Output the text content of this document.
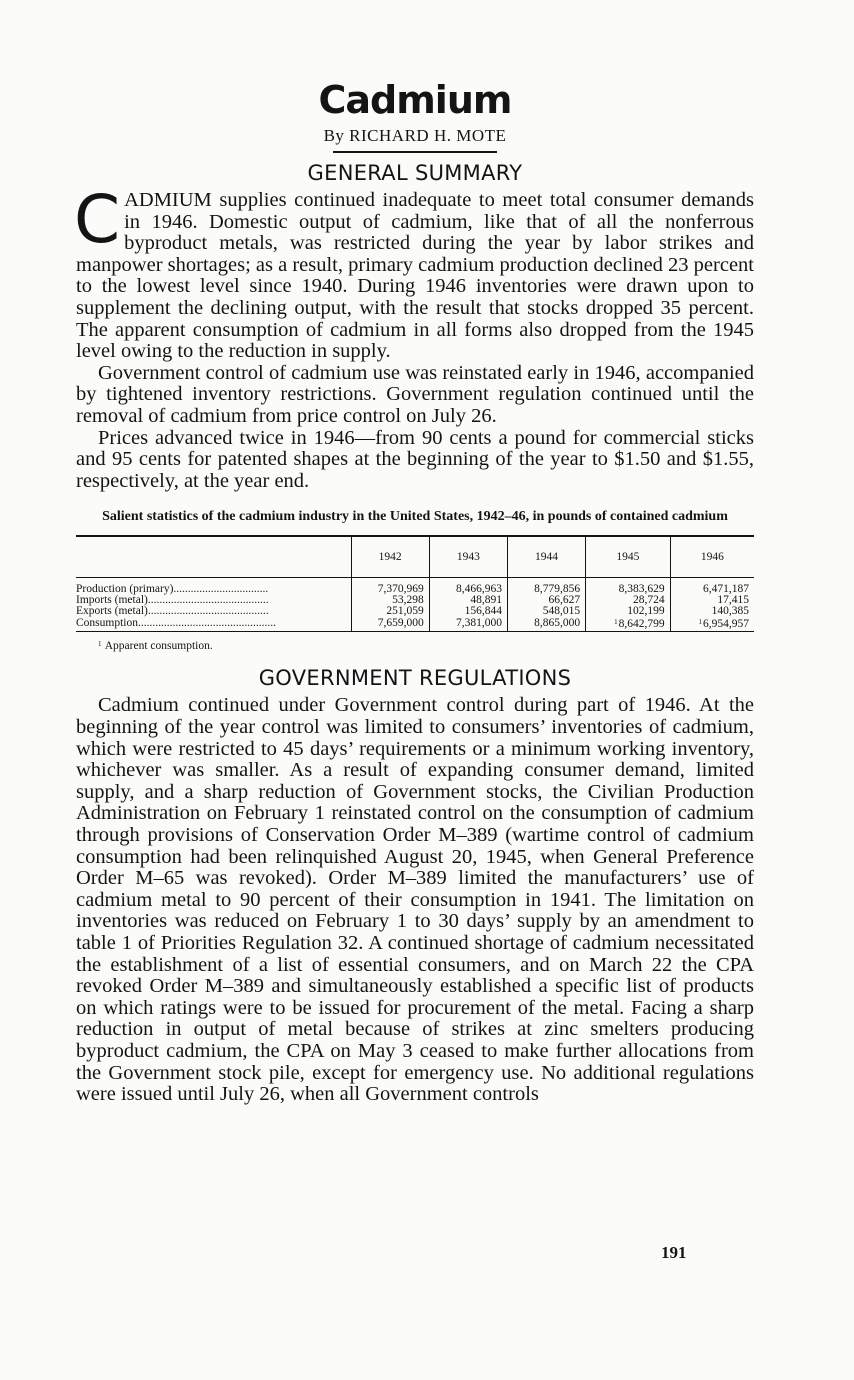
Cadmium
By RICHARD H. MOTE
GENERAL SUMMARY

CADMIUM supplies continued inadequate to meet total consumer demands in 1946. Domestic output of cadmium, like that of all the nonferrous byproduct metals, was restricted during the year by labor strikes and manpower shortages; as a result, primary cadmium production declined 23 percent to the lowest level since 1940. During 1946 inventories were drawn upon to supplement the declining output, with the result that stocks dropped 35 percent. The apparent consumption of cadmium in all forms also dropped from the 1945 level owing to the reduction in supply.

Government control of cadmium use was reinstated early in 1946, accompanied by tightened inventory restrictions. Government regulation continued until the removal of cadmium from price control on July 26.

Prices advanced twice in 1946—from 90 cents a pound for commercial sticks and 95 cents for patented shapes at the beginning of the year to $1.50 and $1.55, respectively, at the year end.

Salient statistics of the cadmium industry in the United States, 1942–46, in pounds of contained cadmium
	1942	1943	1944	1945	1946
Production (primary).................................	7,370,969	8,466,963	8,779,856	8,383,629	6,471,187
Imports (metal)..........................................	53,298	48,891	66,627	28,724	17,415
Exports (metal)..........................................	251,059	156,844	548,015	102,199	140,385
Consumption................................................	7,659,000	7,381,000	8,865,000	$^1$8,642,799	$^1$6,954,957
$^1$ Apparent consumption.
GOVERNMENT REGULATIONS

Cadmium continued under Government control during part of 1946. At the beginning of the year control was limited to consumers’ inventories of cadmium, which were restricted to 45 days’ requirements or a minimum working inventory, whichever was smaller. As a result of expanding consumer demand, limited supply, and a sharp reduction of Government stocks, the Civilian Production Administration on February 1 reinstated control on the consumption of cadmium through provisions of Conservation Order M–389 (wartime control of cadmium consumption had been relinquished August 20, 1945, when General Preference Order M–65 was revoked). Order M–389 limited the manufacturers’ use of cadmium metal to 90 percent of their consumption in 1941. The limitation on inventories was reduced on February 1 to 30 days’ supply by an amendment to table 1 of Priorities Regulation 32. A continued shortage of cadmium necessitated the establishment of a list of essential consumers, and on March 22 the CPA revoked Order M–389 and simultaneously established a specific list of products on which ratings were to be issued for procurement of the metal. Facing a sharp reduction in output of metal because of strikes at zinc smelters producing byproduct cadmium, the CPA on May 3 ceased to make further allocations from the Government stock pile, except for emergency use. No additional regulations were issued until July 26, when all Government controls

191
